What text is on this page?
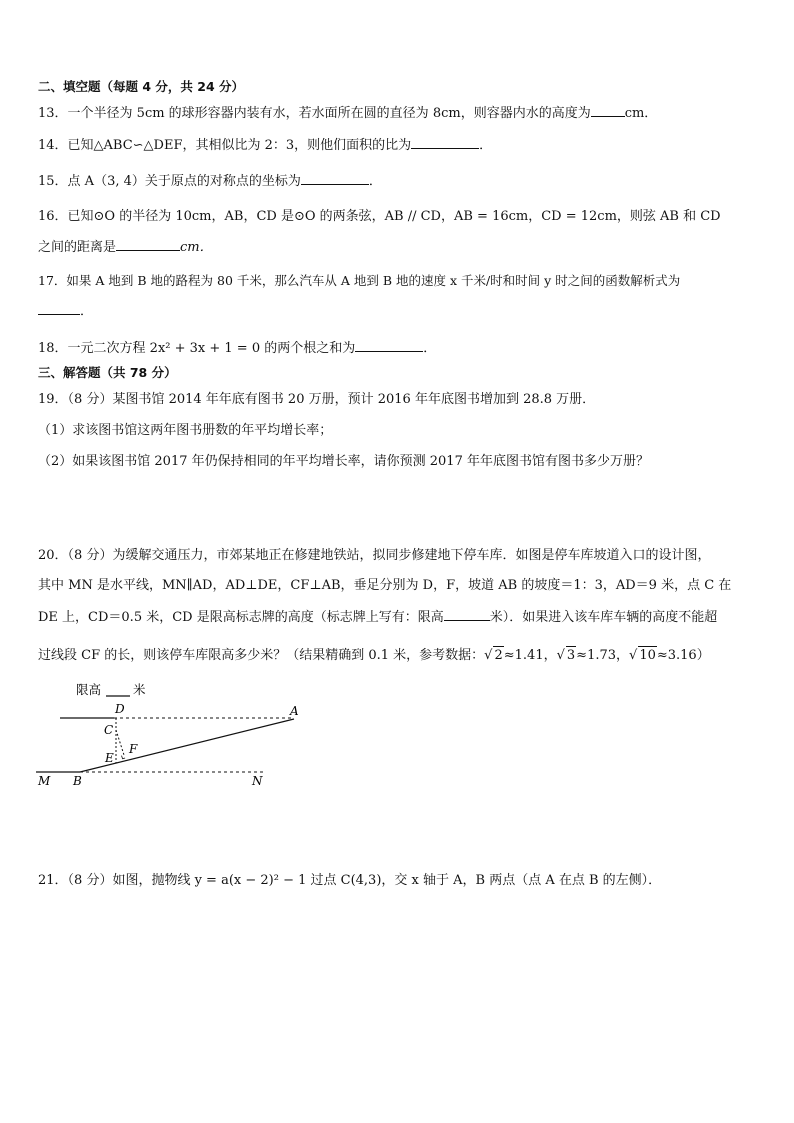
二、填空题（每题 4 分，共 24 分）
13．一个半径为 5cm 的球形容器内装有水，若水面所在圆的直径为 8cm，则容器内水的高度为	cm．
14．已知△ABC∽△DEF，其相似比为 2：3，则他们面积的比为	．
15．点 A（3, 4）关于原点的对称点的坐标为	．
16．已知⊙O 的半径为 10cm，AB，CD 是⊙O 的两条弦，AB // CD，AB = 16cm，CD = 12cm，则弦 AB 和 CD
之间的距离是	cm．
17．如果 A 地到 B 地的路程为 80 千米，那么汽车从 A 地到 B 地的速度 x 千米/时和时间 y 时之间的函数解析式为
．
18．一元二次方程 2x² + 3x + 1 = 0 的两个根之和为	．
三、解答题（共 78 分）
19．（8 分）某图书馆 2014 年年底有图书 20 万册，预计 2016 年年底图书增加到 28.8 万册．
（1）求该图书馆这两年图书册数的年平均增长率；
（2）如果该图书馆 2017 年仍保持相同的年平均增长率，请你预测 2017 年年底图书馆有图书多少万册？
20．（8 分）为缓解交通压力，市郊某地正在修建地铁站，拟同步修建地下停车库．如图是停车库坡道入口的设计图，
其中 MN 是水平线，MN∥AD，AD⊥DE，CF⊥AB，垂足分别为 D，F，坡道 AB 的坡度＝1：3，AD＝9 米，点 C 在
DE 上，CD＝0.5 米，CD 是限高标志牌的高度（标志牌上写有：限高	米）．如果进入该车库车辆的高度不能超
过线段 CF 的长，则该停车库限高多少米？（结果精确到 0.1 米，参考数据：√ 2≈1.41，√ 3≈1.73，√ 10≈3.16）
限高	米
D	A
C
F
E
M B	N
21．（8 分）如图，抛物线 y = a(x − 2)² − 1 过点 C(4,3)，交 x 轴于 A，B 两点（点 A 在点 B 的左侧）．
